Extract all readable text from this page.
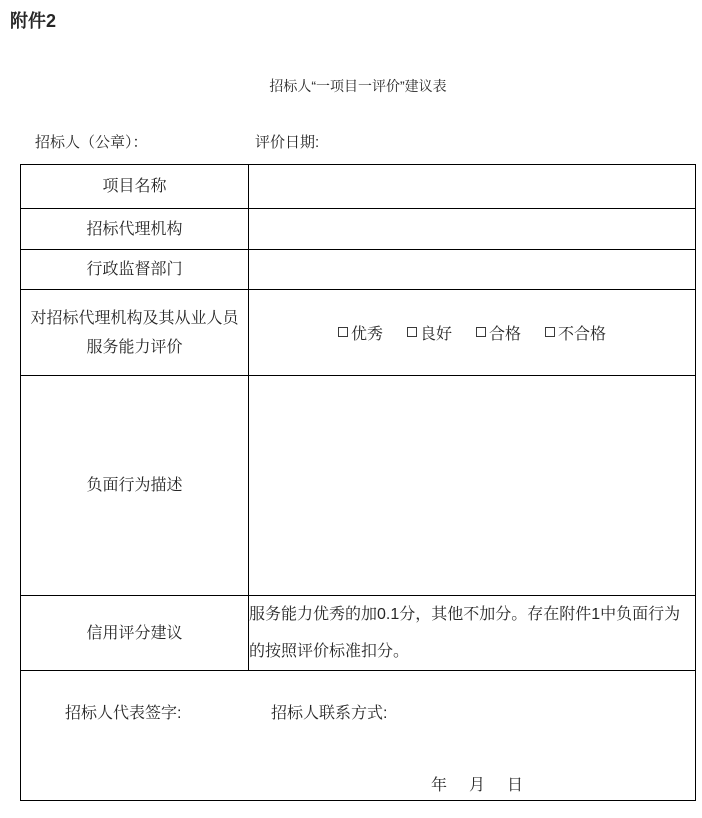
附件2
招标人“一项目一评价”建议表
招标人（公章）：	评价日期:
项目名称	
招标代理机构	
行政监督部门	
对招标代理机构及其从业人员服务能力评价	优秀 良好 合格 不合格

负面行为描述	
信用评分建议	服务能力优秀的加0.1分，其他不加分。存在附件1中负面行为的按照评价标准扣分。

招标人代表签字: 招标人联系方式:
年　月　日	
